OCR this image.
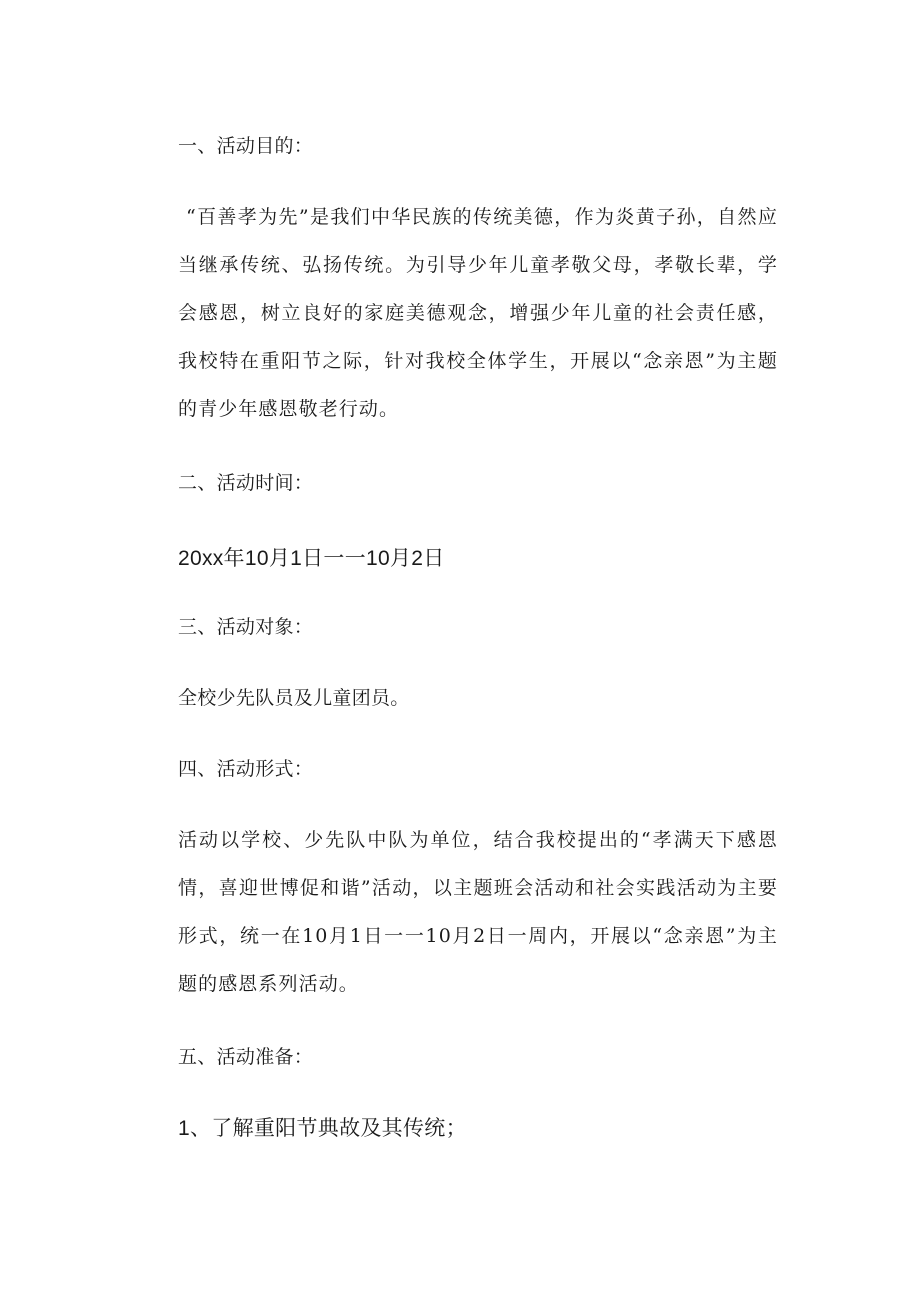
一、活动目的：
“百善孝为先”是我们中华民族的传统美德，作为炎黄子孙，自然应当继承传统、弘扬传统。为引导少年儿童孝敬父母，孝敬长辈，学会感恩，树立良好的家庭美德观念，增强少年儿童的社会责任感，我校特在重阳节之际，针对我校全体学生，开展以“念亲恩”为主题的青少年感恩敬老行动。
二、活动时间：
20xx年10月1日一一10月2日
三、活动对象：
全校少先队员及儿童团员。
四、活动形式：
活动以学校、少先队中队为单位，结合我校提出的“孝满天下感恩情，喜迎世博促和谐”活动，以主题班会活动和社会实践活动为主要形式，统一在10月1日一一10月2日一周内，开展以“念亲恩”为主题的感恩系列活动。
五、活动准备：
1、了解重阳节典故及其传统；
